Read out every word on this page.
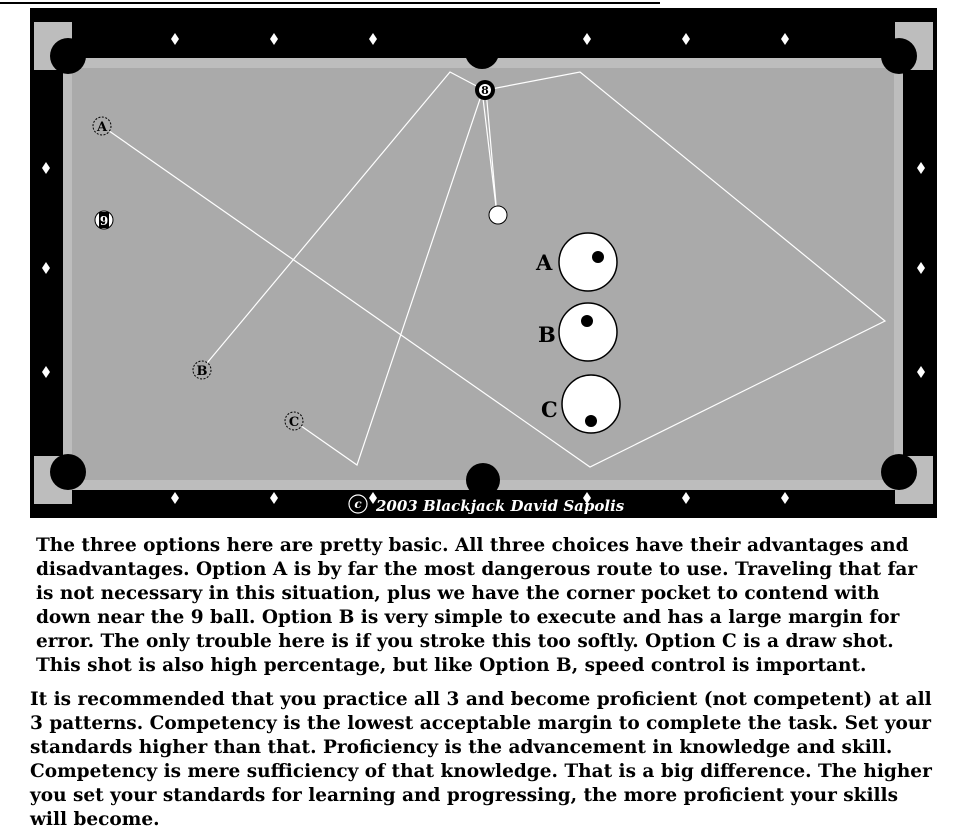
A
B
C
9
8
A
B
C
c 2003 Blackjack David Sapolis

The three options here are pretty basic. All three choices have their advantages and disadvantages. Option A is by far the most dangerous route to use. Traveling that far is not necessary in this situation, plus we have the corner pocket to contend with down near the 9 ball. Option B is very simple to execute and has a large margin for error. The only trouble here is if you stroke this too softly. Option C is a draw shot. This shot is also high percentage, but like Option B, speed control is important.

It is recommended that you practice all 3 and become proficient (not competent) at all 3 patterns. Competency is the lowest acceptable margin to complete the task. Set your standards higher than that. Proficiency is the advancement in knowledge and skill. Competency is mere sufficiency of that knowledge. That is a big difference. The higher you set your standards for learning and progressing, the more proficient your skills will become.
